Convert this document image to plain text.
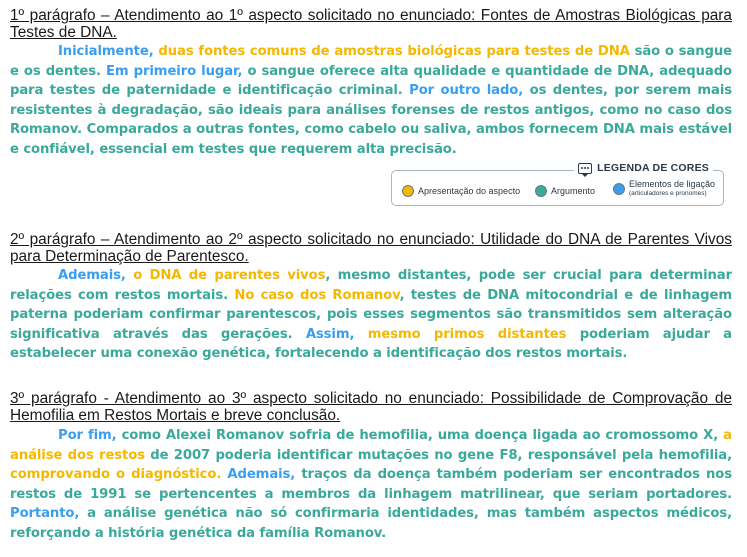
1º parágrafo – Atendimento ao 1º aspecto solicitado no enunciado: Fontes de Amostras Biológicas para Testes de DNA.
Inicialmente, duas fontes comuns de amostras biológicas para testes de DNA são o sangue e os dentes. Em primeiro lugar, o sangue oferece alta qualidade e quantidade de DNA, adequado para testes de paternidade e identificação criminal. Por outro lado, os dentes, por serem mais resistentes à degradação, são ideais para análises forenses de restos antigos, como no caso dos Romanov. Comparados a outras fontes, como cabelo ou saliva, ambos fornecem DNA mais estável e confiável, essencial em testes que requerem alta precisão.
LEGENDA DE CORES
Apresentação do aspecto	Argumento
Elementos de ligação
(articuladores e pronomes)
2º parágrafo – Atendimento ao 2º aspecto solicitado no enunciado: Utilidade do DNA de Parentes Vivos para Determinação de Parentesco.
Ademais, o DNA de parentes vivos, mesmo distantes, pode ser crucial para determinar relações com restos mortais. No caso dos Romanov, testes de DNA mitocondrial e de linhagem paterna poderiam confirmar parentescos, pois esses segmentos são transmitidos sem alteração significativa através das gerações. Assim, mesmo primos distantes poderiam ajudar a estabelecer uma conexão genética, fortalecendo a identificação dos restos mortais.
3º parágrafo - Atendimento ao 3º aspecto solicitado no enunciado: Possibilidade de Comprovação de Hemofilia em Restos Mortais e breve conclusão.
Por fim, como Alexei Romanov sofria de hemofilia, uma doença ligada ao cromossomo X, a análise dos restos de 2007 poderia identificar mutações no gene F8, responsável pela hemofilia, comprovando o diagnóstico. Ademais, traços da doença também poderiam ser encontrados nos restos de 1991 se pertencentes a membros da linhagem matrilinear, que seriam portadores. Portanto, a análise genética não só confirmaria identidades, mas também aspectos médicos, reforçando a história genética da família Romanov.
